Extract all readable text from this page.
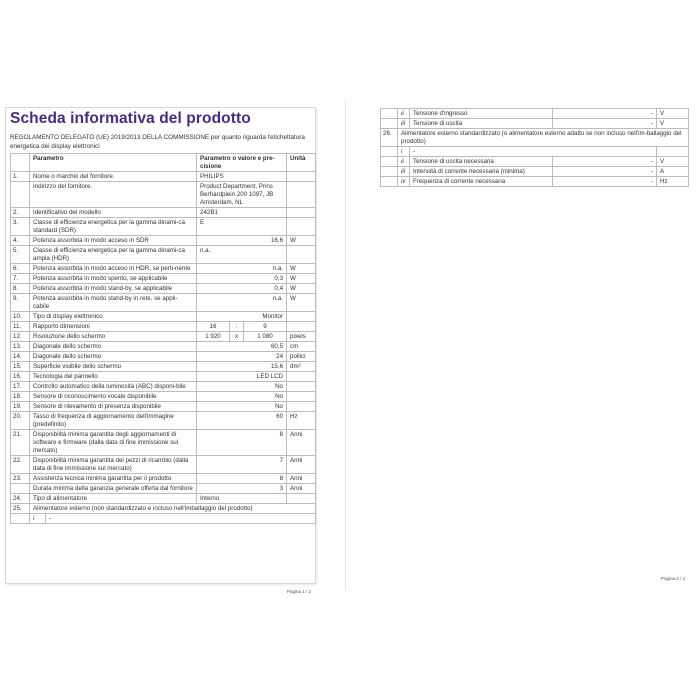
Scheda informativa del prodotto
REGOLAMENTO DELEGATO (UE) 2019/2013 DELLA COMMISSIONE per quanto riguarda l'etichettatura energetica dei display elettronici
	Parametro	Parametro o valore e pre-cisione			Unità
1.	Nome o marchio del fornitore.	PHILIPS			
	Indirizzo del fornitore.	Product Department, Prins Berhardplein 200 1097, JB Amsterdam, NL			
2.	Identificativo del modello	242B1			
3.	Classe di efficienza energetica per la gamma dinami-ca standard (SDR)	E			
4.	Potenza assorbita in modo acceso in SDR	16,6			W
5.	Classe di efficienza energetica per la gamma dinami-ca ampia (HDR)	n.a.			
6.	Potenza assorbita in modo acceso in HDR, se perti-nente	n.a.			W
7.	Potenza assorbita in modo spento, se applicabile	0,3			W
8.	Potenza assorbita in modo stand-by, se applicabile	0,4			W
9.	Potenza assorbita in modo stand-by in rete, se appli-cabile	n.a.			W
10.	Tipo di display elettronico	Monitor			
11.	Rapporto dimensioni	16	:	9	
12.	Risoluzione dello schermo	1 920	x	1 080	pixels
13.	Diagonale dello schermo	60,5			cm
14.	Diagonale dello schermo	24			pollici
15.	Superficie visibile dello schermo	15,6			dm²
16.	Tecnologia del pannello	LED LCD			
17.	Controllo automatico della luminosità (ABC) disponi-bile	No			
18.	Sensore di riconoscimento vocale disponibile	No			
19.	Sensore di rilevamento di presenza disponibile	No			
20.	Tasso di frequenza di aggiornamento dell'immagine (predefinito)	60			Hz
21.	Disponibilità minima garantita degli aggiornamenti di software e firmware (dalla data di fine immissione sul mercato)	8			Anni
22.	Disponibilità minima garantita dei pezzi di ricambio (dalla data di fine immissione sul mercato)	7			Anni
23.	Assistenza tecnica minima garantita per il prodotto	8			Anni
	Durata minima della garanzia generale offerta dal fornitore	3			Anni
24.	Tipo di alimentatore	Interno			
25.	Alimentatore esterno (non standardizzato e incluso nell'imballaggio del prodotto)				

	i -				
Pagina 1 / 2
	ii	Tensione d'ingresso	-	V
	iii	Tensione di uscita	-	V
26.	Alimentatore esterno standardizzato (o alimentatore esterno adatto se non incluso nell'im-ballaggio del prodotto)			
	i	-		
	ii	Tensione di uscita necessaria	-	V
	iii	Intensità di corrente necessaria (minima)	-	A
	iv	Frequenza di corrente necessaria	-	Hz
Pagina 2 / 2
